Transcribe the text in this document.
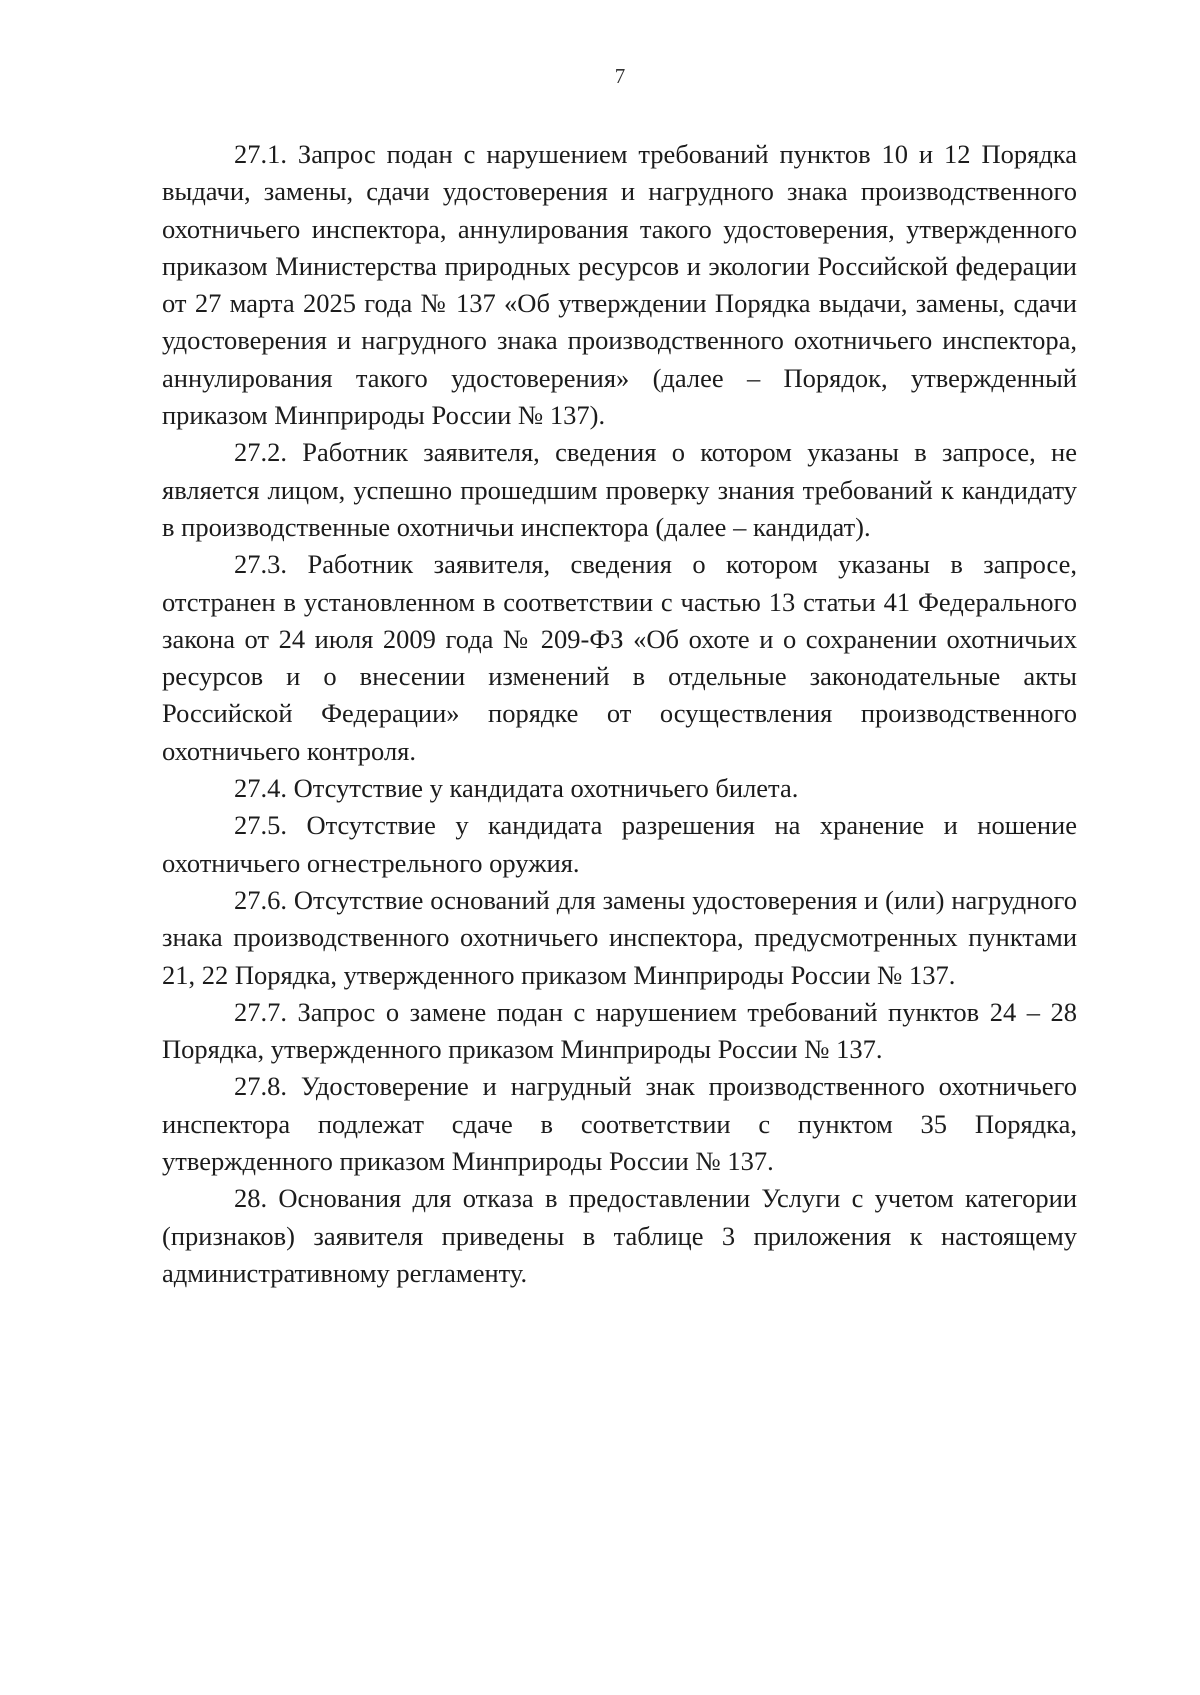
7

27.1. Запрос подан с нарушением требований пунктов 10 и 12 Порядка выдачи, замены, сдачи удостоверения и нагрудного знака производственного охотничьего инспектора, аннулирования такого удостоверения, утвержденного приказом Министерства природных ресурсов и экологии Российской федерации от 27 марта 2025 года № 137 «Об утверждении Порядка выдачи, замены, сдачи удостоверения и нагрудного знака производственного охотничьего инспектора, аннулирования такого удостоверения» (далее – Порядок, утвержденный приказом Минприроды России № 137).

27.2. Работник заявителя, сведения о котором указаны в запросе, не является лицом, успешно прошедшим проверку знания требований к кандидату в производственные охотничьи инспектора (далее – кандидат).

27.3. Работник заявителя, сведения о котором указаны в запросе, отстранен в установленном в соответствии с частью 13 статьи 41 Федерального закона от 24 июля 2009 года № 209-ФЗ «Об охоте и о сохранении охотничьих ресурсов и о внесении изменений в отдельные законодательные акты Российской Федерации» порядке от осуществления производственного охотничьего контроля.

27.4. Отсутствие у кандидата охотничьего билета.

27.5. Отсутствие у кандидата разрешения на хранение и ношение охотничьего огнестрельного оружия.

27.6. Отсутствие оснований для замены удостоверения и (или) нагрудного знака производственного охотничьего инспектора, предусмотренных пунктами 21, 22 Порядка, утвержденного приказом Минприроды России № 137.

27.7. Запрос о замене подан с нарушением требований пунктов 24 – 28 Порядка, утвержденного приказом Минприроды России № 137.

27.8. Удостоверение и нагрудный знак производственного охотничьего инспектора подлежат сдаче в соответствии с пунктом 35 Порядка, утвержденного приказом Минприроды России № 137.

28. Основания для отказа в предоставлении Услуги с учетом категории (признаков) заявителя приведены в таблице 3 приложения к настоящему административному регламенту.
